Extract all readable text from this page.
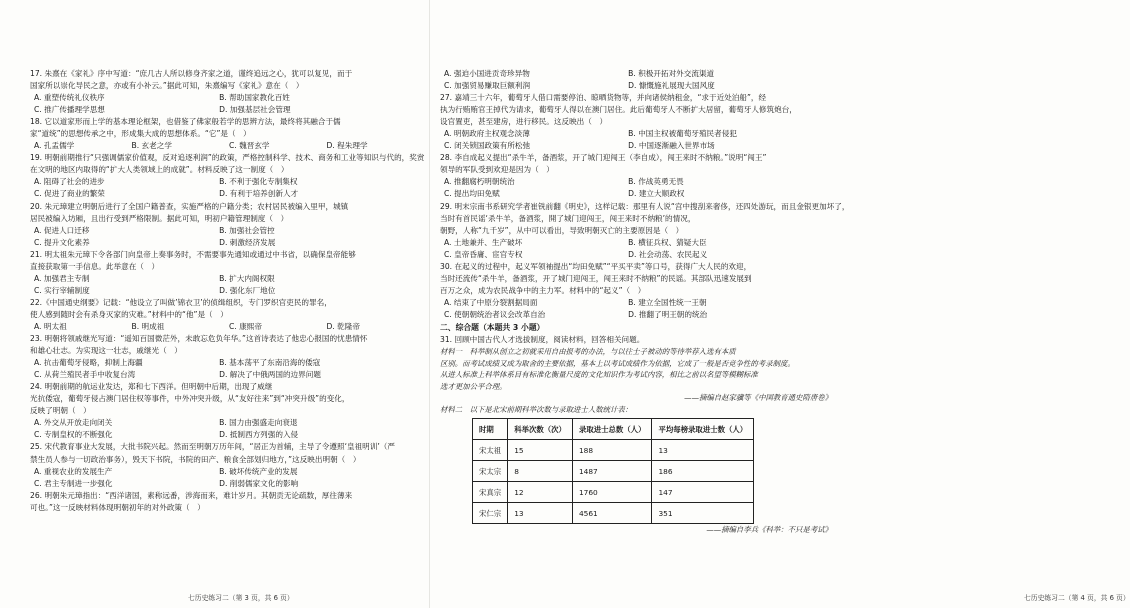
17. 朱熹在《家礼》序中写道：“庶几古人所以修身齐家之道，谨终追远之心，犹可以复见，而于
国家所以崇化导民之意，亦或有小补云。”据此可知，朱熹编写《家礼》意在（　）
A. 重塑传统礼仪秩序	B. 帮助国家教化百姓
C. 推广传播理学思想	D. 加强基层社会管理
18. 它以道家形而上学的基本理论框架，也借鉴了佛家般若学的思辨方法，最终将其融合于儒
家“道统”的思想传承之中，形成集大成的思想体系。“它”是（　）
A. 孔盂儒学	B. 玄老之学	C. 魏晋玄学	D. 程朱理学
19. 明朝前期推行“只强调儒家价值观，反对追逐利润”的政策，严格控制科学、技术、商务和工业等知识与代的，奖赏
在文明的地区内取得的“扩大人类领域上的成就”。材料反映了这一制度（　）
A. 阻碍了社会的进步	B. 不利于强化专制集权
C. 促进了商业的繁荣	D. 有利于培养创新人才
20. 朱元璋建立明朝后进行了全国户籍普查，实施严格的户籍分类；农村居民被编入里甲，城镇
居民被编入坊厢，且出行受到严格限制。据此可知，明初户籍管理制度（　）
A. 促进人口迁移	B. 加强社会管控
C. 提升文化素养	D. 刺激经济发展
21. 明太祖朱元璋下令各部门向皇帝上奏事务时，不需要事先通知或通过中书省，以确保皇帝能够
直接获取第一手信息。此举意在（　）
A. 加强君主专制	B. 扩大内阁权限
C. 实行宰辅制度	D. 强化东厂地位
22.《中国通史纲要》记载：“他设立了叫做’锦衣卫’的侦缉组织，专门罗织官吏民的罪名，
使人感到随时会有杀身灭家的灾难。”材料中的“他”是（　）
A. 明太祖	B. 明成祖	C. 康熙帝	D. 乾隆帝
23. 明朝将领戚继光写道：“遥知百国微茫外，未敢忘危负年华。”这首诗表达了他忠心报国的忧患情怀
和雄心壮志。为实现这一壮志，戚继光（　）
A. 抗击葡萄牙侵略，抑制上海疆	B. 基本荡平了东南沿海的倭寇
C. 从荷兰殖民者手中收复台湾	D. 解决了中俄两国的边界问题
24. 明朝前期的航运业发达，郑和七下西洋。但明朝中后期，出现了威继
光抗倭寇，葡萄牙侵占澳门居住权等事件，中外冲突升级，从“友好往来”到“冲突升级”的变化，
反映了明朝（　）
A. 外交从开放走向闭关	B. 国力由强盛走向衰退
C. 专制皇权的不断强化	D. 抵制西方列强的入侵
25. 宋代教育事业大发展，大批书院兴起。然而至明朝万历年间，“居正为首辅，主导了令遵照‘皇祖明训’（严
禁生员人参与一切政治事务），毁天下书院，书院的田产、粮食全部划归地方，”这反映出明朝（　）
A. 重视农业的发展生产	B. 破坏传统产业的发展
C. 君主专制进一步强化	D. 削弱儒家文化的影响
26. 明朝朱元璋指出：“西洋诸国，素称远番，涉海而来，难计岁月。其朝贡无论疏数，厚往薄来
可也。”这一反映材料体现明朝初年的对外政策（　）
七历史练习二（第 3 页，共 6 页）
A. 强迫小国进贡奇珍异物	B. 积极开拓对外交流渠道
C. 加强贸易赚取巨额利润	D. 慷慨施礼展现大国风度
27. 嘉靖三十六年，葡萄牙人借口需要停泊、晾晒货物等，并向诸侯纳租金，“求于近处泊船”，经
执为行贿贿官王掉代为请求，葡萄牙人得以在澳门居住。此后葡萄牙人不断扩大居留，葡萄牙人修筑炮台，
设官置吏，甚至建房，进行移民。这反映出（　）
A. 明朝政府主权观念淡薄	B. 中国主权被葡萄牙殖民者侵犯
C. 闭关锁国政策有所松弛	D. 中国逐渐融入世界市场
28. 李自成起义提出“杀牛羊，备酒浆，开了城门迎闯王（李自成），闯王来时不纳粮。”说明“闯王”
领导的军队受到欢迎是因为（　）
A. 推翻腐朽明朝统治	B. 作战英勇无畏
C. 提出均田免赋	D. 建立大顺政权
29. 明末宗南书系研究学者崔铣前翻《明史》，这样记载：那里有人说“宫中搜刮来奢侈，还四处游玩，而且金银更加坏了，
当时有首民谣‘杀牛羊，备酒浆，開了城门迎闯王，闯王来时不纳粮’的情况，
朝野，人称“九千岁”，从中可以看出，导致明朝灭亡的主要原因是（　）
A. 土地兼并、生产破坏	B. 横征兵权、猜疑大臣
C. 皇帝昏庸、宦官专权	D. 社会动荡、农民起义
30. 在起义的过程中，起义军领袖提出“均田免赋”“平买平卖”等口号，获得广大人民的欢迎，
当时还流传“杀牛羊，备酒浆，开了城门迎闯王，闯王来时不纳粮”的民谣。其部队迅速发展到
百万之众，成为农民战争中的主力军。材料中的“起义”（　）
A. 结束了中原分裂割据局面	B. 建立全国性统一王朝
C. 使朝朝统治者议会改革自治	D. 推翻了明王朝的统治
二、综合题（本题共 3 小题）
31. 回顾中国古代人才选拔制度，阅读材料，回答相关问题。
材料一　科举制从创立之初就采用自由报考的办法，与以往士子被动的等待举荐入选有本质
区别。而考试成绩又成为取舍的主要依据，基本上以考试成绩作为依据，它成了一般是否竞争性的考录制度。
从进人标准上科举体系目有标准化衡量尺度的文化知识作为考试内容，相比之前以名望等模糊标准
选才更加公平合理。
——摘编自赵家骥等《中国教育通史隋唐卷》
材料二　以下是北宋前期科举次数与录取进士人数统计表：
时期	科举次数（次）	录取进士总数（人）	平均每榜录取进士数（人）
宋太祖	15	188	13
宋太宗	8	1487	186
宋真宗	12	1760	147
宋仁宗	13	4561	351
——摘编自李兵《科举：不只是考试》
七历史练习二（第 4 页，共 6 页）
